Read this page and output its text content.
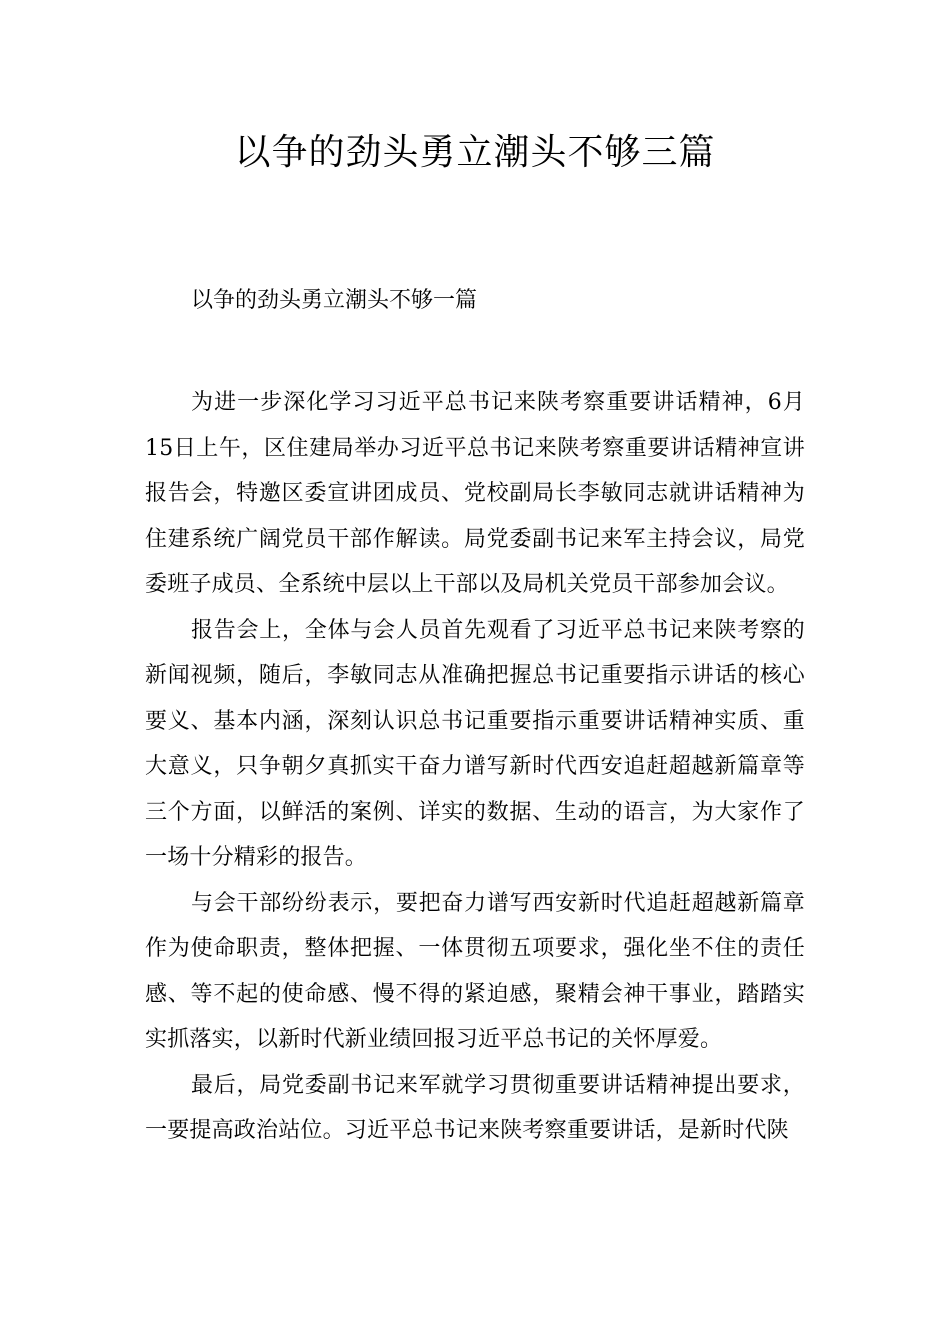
以争的劲头勇立潮头不够三篇

以争的劲头勇立潮头不够一篇

为进一步深化学习习近平总书记来陕考察重要讲话精神，6月15日上午，区住建局举办习近平总书记来陕考察重要讲话精神宣讲报告会，特邀区委宣讲团成员、党校副局长李敏同志就讲话精神为住建系统广阔党员干部作解读。局党委副书记来军主持会议，局党委班子成员、全系统中层以上干部以及局机关党员干部参加会议。

报告会上，全体与会人员首先观看了习近平总书记来陕考察的新闻视频，随后，李敏同志从准确把握总书记重要指示讲话的核心要义、基本内涵，深刻认识总书记重要指示重要讲话精神实质、重大意义，只争朝夕真抓实干奋力谱写新时代西安追赶超越新篇章等三个方面，以鲜活的案例、详实的数据、生动的语言，为大家作了一场十分精彩的报告。

与会干部纷纷表示，要把奋力谱写西安新时代追赶超越新篇章作为使命职责，整体把握、一体贯彻五项要求，强化坐不住的责任感、等不起的使命感、慢不得的紧迫感，聚精会神干事业，踏踏实实抓落实，以新时代新业绩回报习近平总书记的关怀厚爱。

最后，局党委副书记来军就学习贯彻重要讲话精神提出要求，一要提高政治站位。习近平总书记来陕考察重要讲话，是新时代陕
